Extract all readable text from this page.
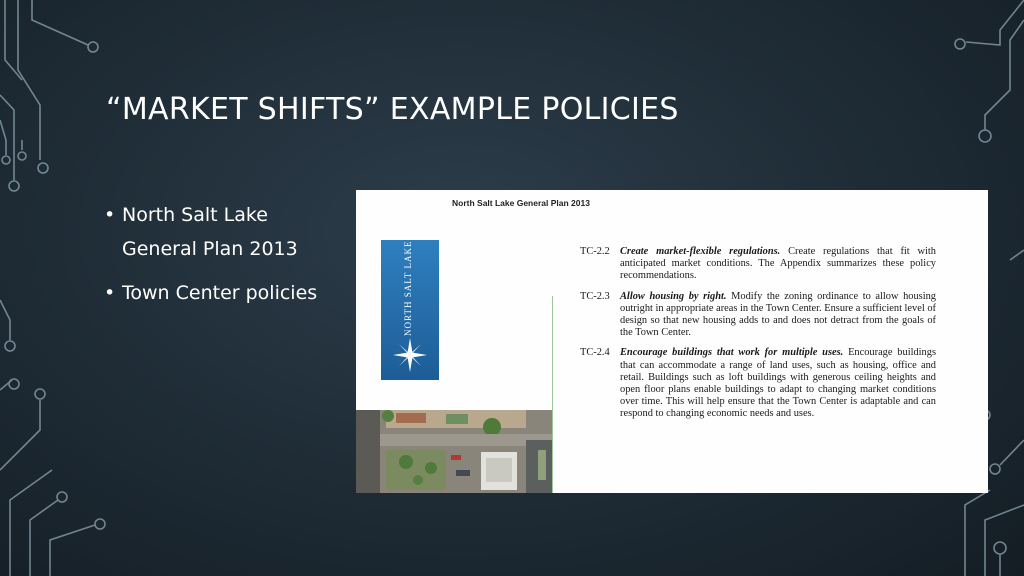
“MARKET SHIFTS” EXAMPLE POLICIES
• North Salt Lake General Plan 2013
• Town Center policies

North Salt Lake General Plan 2013

NORTH SALT LAKE	TC-2.2 Create market-flexible regulations. Create regulations that fit with anticipated market conditions. The Appendix summarizes these policy recommendations.
TC-2.3 Allow housing by right. Modify the zoning ordinance to allow housing outright in appropriate areas in the Town Center. Ensure a sufficient level of design so that new housing adds to and does not detract from the goals of the Town Center.
TC-2.4 Encourage buildings that work for multiple uses. Encourage buildings that can accommodate a range of land uses, such as housing, office and retail. Buildings such as loft buildings with generous ceiling heights and open floor plans enable buildings to adapt to changing market conditions over time. This will help ensure that the Town Center is adaptable and can respond to changing economic needs and uses.
